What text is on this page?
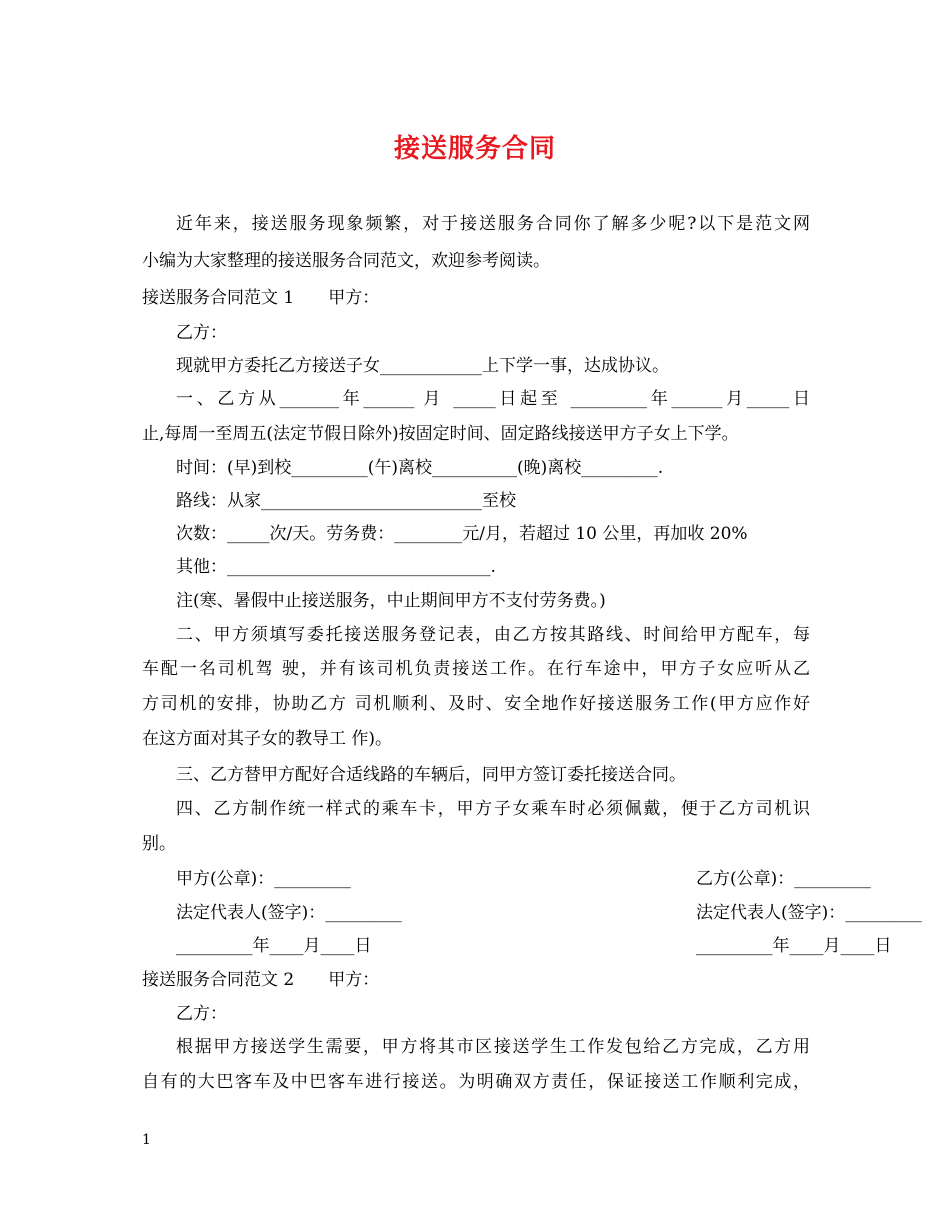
接送服务合同
近年来，接送服务现象频繁，对于接送服务合同你了解多少呢?以下是范文网
小编为大家整理的接送服务合同范文，欢迎参考阅读。
接送服务合同范文 1　　甲方：
乙方：
现就甲方委托乙方接送子女____________上下学一事，达成协议。
一、乙方从_______年______ 月 _____日起至 _________年______月_____日
止,每周一至周五(法定节假日除外)按固定时间、固定路线接送甲方子女上下学。
时间：(早)到校_________(午)离校__________(晚)离校_________.
路线：从家__________________________至校
次数：_____次/天。劳务费：________元/月，若超过 10 公里，再加收 20%
其他：_______________________________.
注(寒、暑假中止接送服务，中止期间甲方不支付劳务费。)
二、甲方须填写委托接送服务登记表，由乙方按其路线、时间给甲方配车，每
车配一名司机驾 驶，并有该司机负责接送工作。在行车途中，甲方子女应听从乙
方司机的安排，协助乙方 司机顺利、及时、安全地作好接送服务工作(甲方应作好
在这方面对其子女的教导工 作)。
三、乙方替甲方配好合适线路的车辆后，同甲方签订委托接送合同。
四、乙方制作统一样式的乘车卡，甲方子女乘车时必须佩戴，便于乙方司机识
别。
甲方(公章)：_________	乙方(公章)：_________
法定代表人(签字)：_________	法定代表人(签字)：_________
_________年____月____日	_________年____月____日
接送服务合同范文 2　　甲方：
乙方：
根据甲方接送学生需要，甲方将其市区接送学生工作发包给乙方完成，乙方用
自有的大巴客车及中巴客车进行接送。为明确双方责任，保证接送工作顺利完成，
1
